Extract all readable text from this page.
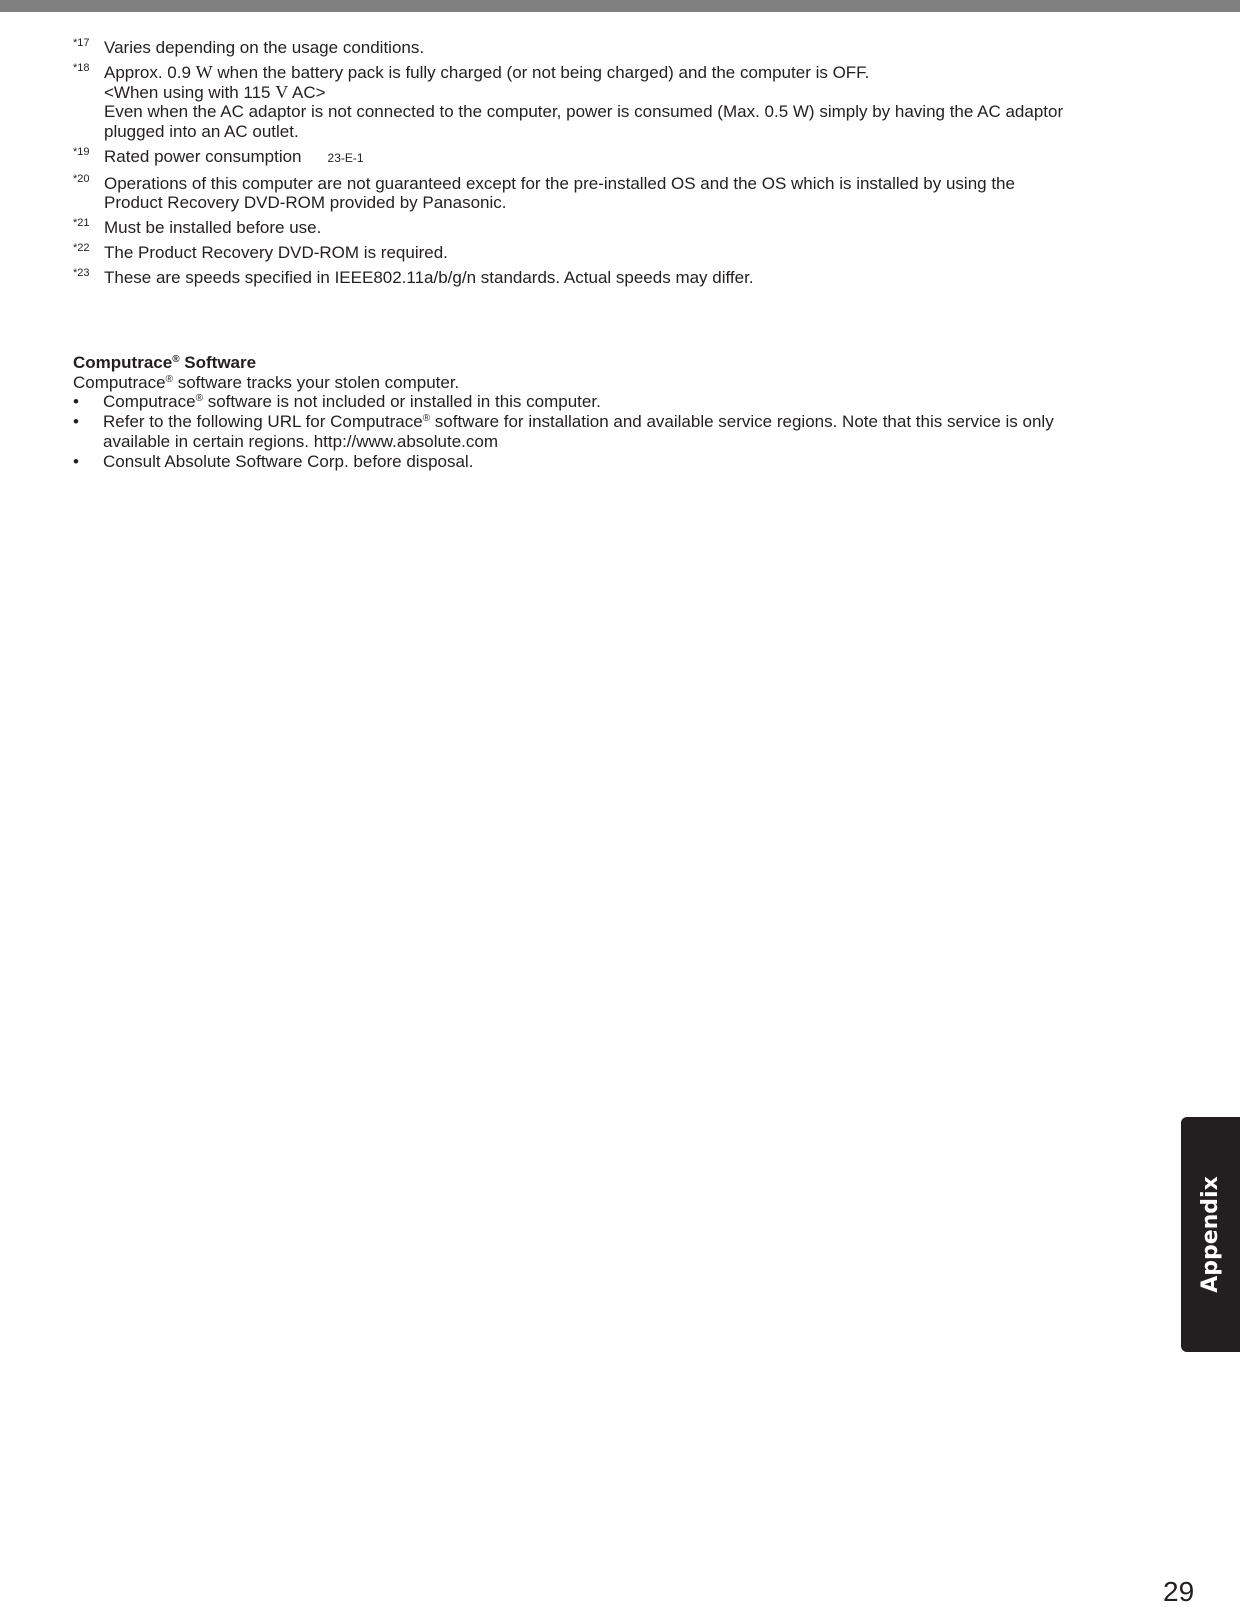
*17 Varies depending on the usage conditions.
*18 Approx. 0.9 W when the battery pack is fully charged (or not being charged) and the computer is OFF.
<When using with 115 V AC>
Even when the AC adaptor is not connected to the computer, power is consumed (Max. 0.5 W) simply by having the AC adaptor
plugged into an AC outlet.
*19 Rated power consumption 23-E-1
*20 Operations of this computer are not guaranteed except for the pre-installed OS and the OS which is installed by using the
Product Recovery DVD-ROM provided by Panasonic.
*21 Must be installed before use.
*22 The Product Recovery DVD-ROM is required.
*23 These are speeds specified in IEEE802.11a/b/g/n standards. Actual speeds may differ.
Computrace® Software
Computrace® software tracks your stolen computer.
• Computrace® software is not included or installed in this computer.
• Refer to the following URL for Computrace® software for installation and available service regions. Note that this service is only
available in certain regions. http://www.absolute.com
• Consult Absolute Software Corp. before disposal.
Appendix
29
